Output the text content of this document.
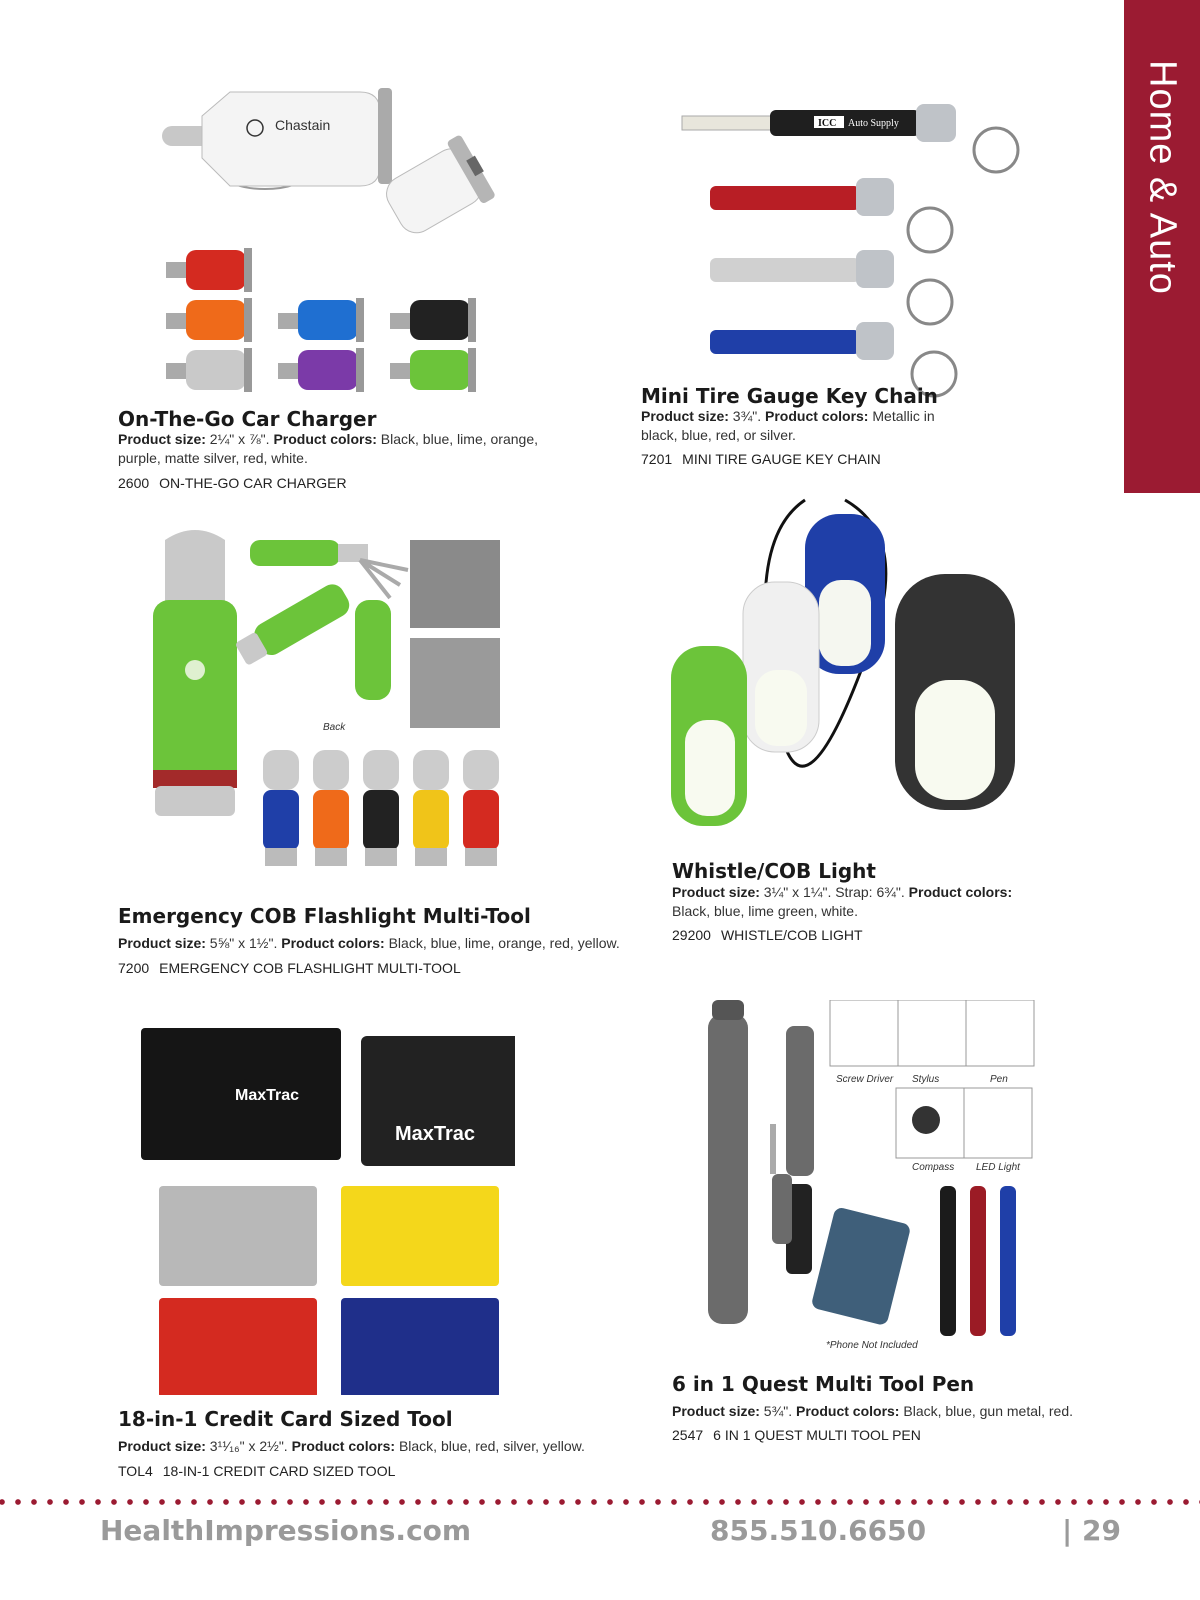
Home & Auto
Chastain
On-The-Go Car Charger
Product size: 2¼" x ⅞". Product colors: Black, blue, lime, orange, purple, matte silver, red, white.
2600 ON-THE-GO CAR CHARGER
ICC Auto Supply
Mini Tire Gauge Key Chain
Product size: 3¾". Product colors: Metallic in black, blue, red, or silver.
7201 MINI TIRE GAUGE KEY CHAIN
Back
Emergency COB Flashlight Multi-Tool
Product size: 5⅝" x 1½". Product colors: Black, blue, lime, orange, red, yellow.
7200 EMERGENCY COB FLASHLIGHT MULTI-TOOL
Whistle/COB Light
Product size: 3¼" x 1¼". Strap: 6¾". Product colors: Black, blue, lime green, white.
29200 WHISTLE/COB LIGHT
MaxTrac
MaxTrac
18-in-1 Credit Card Sized Tool
Product size: 3¹¹⁄₁₆" x 2½". Product colors: Black, blue, red, silver, yellow.
TOL4 18-IN-1 CREDIT CARD SIZED TOOL
Screw Driver Stylus	Pen
Compass LED Light
*Phone Not Included
6 in 1 Quest Multi Tool Pen
Product size: 5¾". Product colors: Black, blue, gun metal, red.
2547 6 IN 1 QUEST MULTI TOOL PEN
HealthImpressions.com	855.510.6650	| 29
